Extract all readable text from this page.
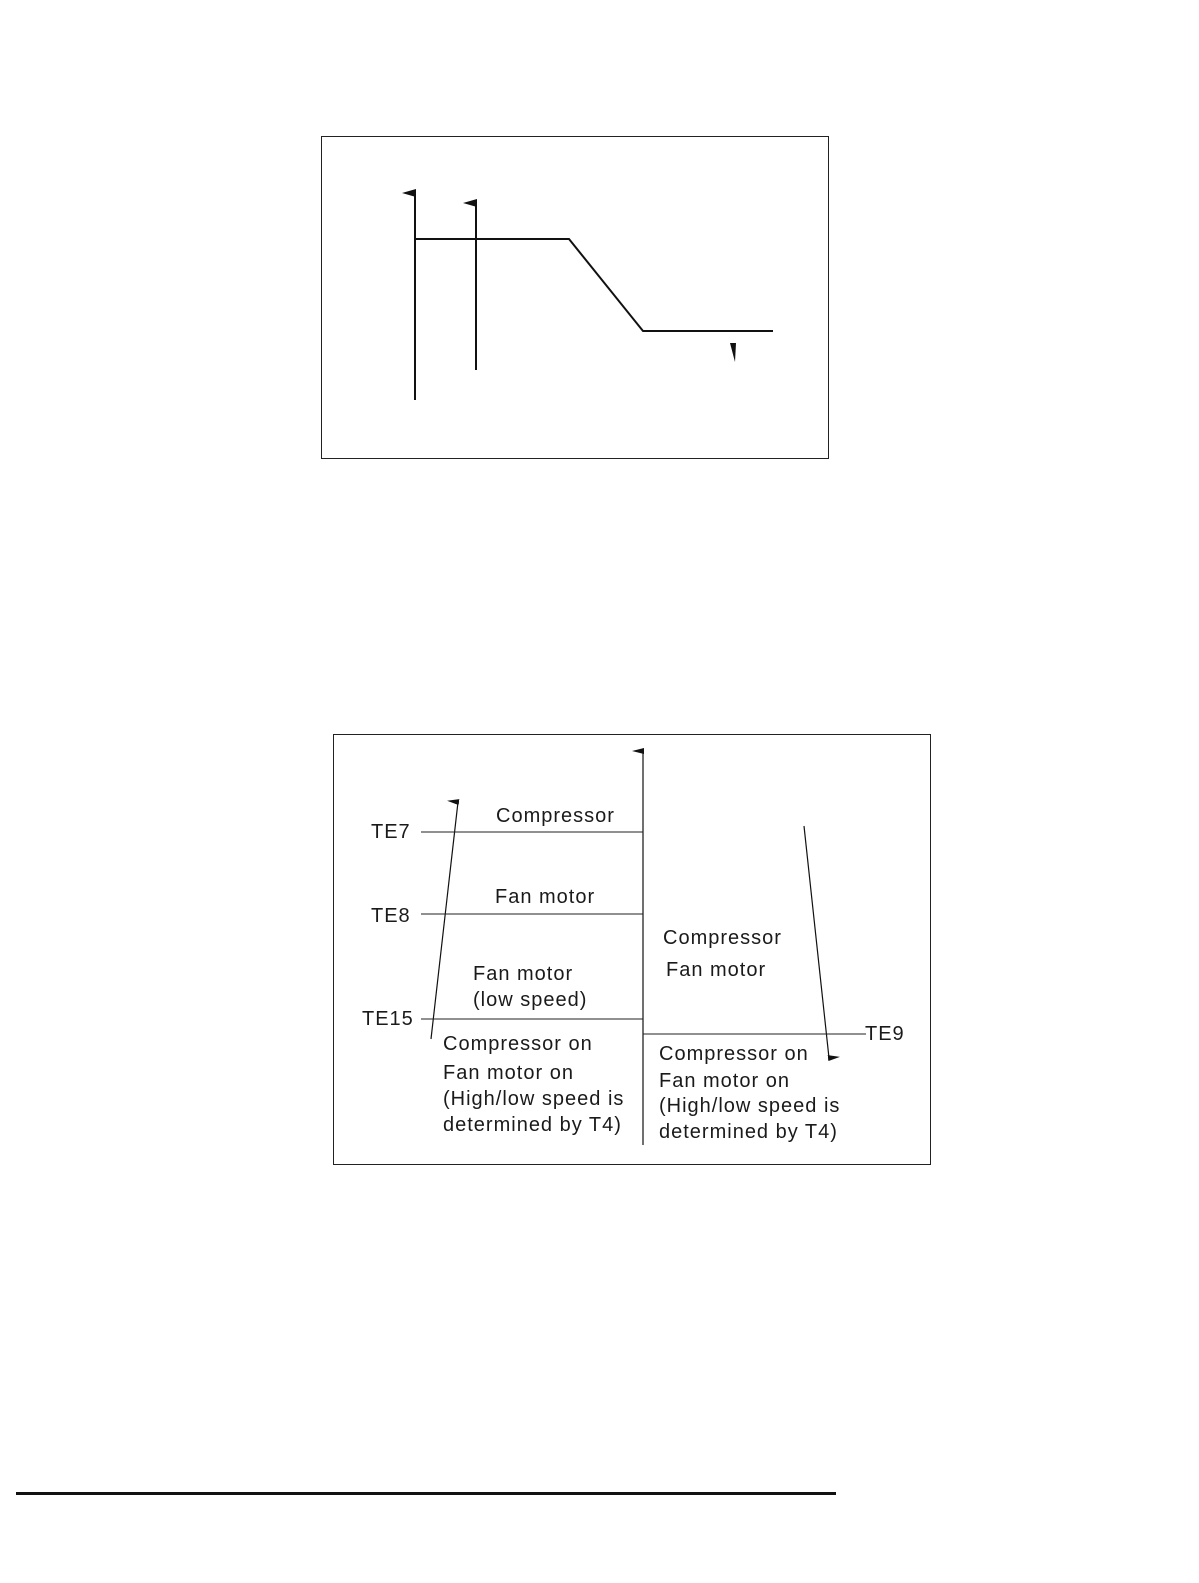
TE7
TE8
TE15
TE9
Compressor
Fan motor
Fan motor
(low speed)
Compressor on
Fan motor on
(High/low speed is
determined by T4)
Compressor
Fan motor
Compressor on
Fan motor on
(High/low speed is
determined by T4)
